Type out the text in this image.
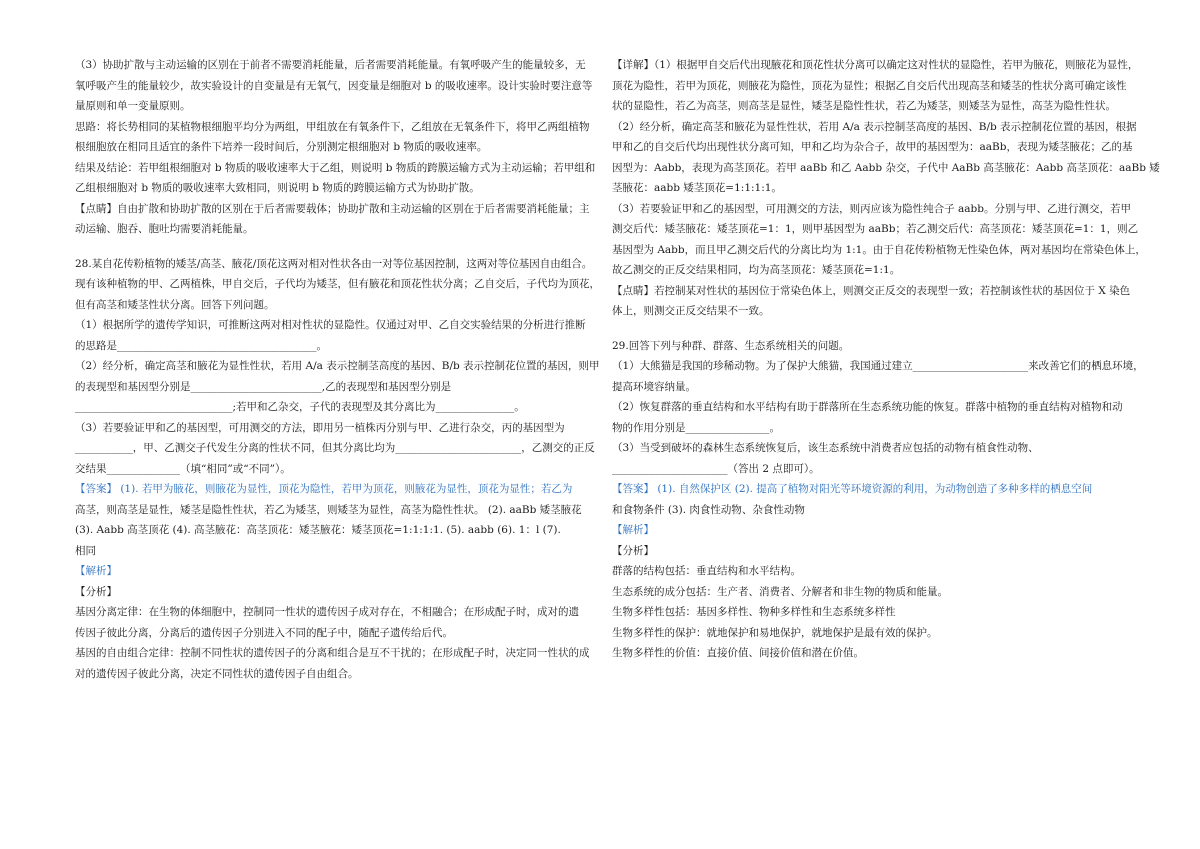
（3）协助扩散与主动运输的区别在于前者不需要消耗能量，后者需要消耗能量。有氧呼吸产生的能量较多，无

氧呼吸产生的能量较少，故实验设计的自变量是有无氧气，因变量是细胞对 b 的吸收速率。设计实验时要注意等

量原则和单一变量原则。

思路：将长势相同的某植物根细胞平均分为两组，甲组放在有氧条件下，乙组放在无氧条件下，将甲乙两组植物

根细胞放在相同且适宜的条件下培养一段时间后，分别测定根细胞对 b 物质的吸收速率。

结果及结论：若甲组根细胞对 b 物质的吸收速率大于乙组，则说明 b 物质的跨膜运输方式为主动运输；若甲组和

乙组根细胞对 b 物质的吸收速率大致相同，则说明 b 物质的跨膜运输方式为协助扩散。

【点睛】自由扩散和协助扩散的区别在于后者需要载体；协助扩散和主动运输的区别在于后者需要消耗能量；主

动运输、胞吞、胞吐均需要消耗能量。

28.某自花传粉植物的矮茎/高茎、腋花/顶花这两对相对性状各由一对等位基因控制，这两对等位基因自由组合。

现有该种植物的甲、乙两植株，甲自交后，子代均为矮茎，但有腋花和顶花性状分离；乙自交后，子代均为顶花，

但有高茎和矮茎性状分离。回答下列问题。

（1）根据所学的遗传学知识，可推断这两对相对性状的显隐性。仅通过对甲、乙自交实验结果的分析进行推断

的思路是______________________________________。

（2）经分析，确定高茎和腋花为显性性状，若用 A/a 表示控制茎高度的基因、B/b 表示控制花位置的基因，则甲

的表现型和基因型分别是_________________________,乙的表现型和基因型分别是

______________________________;若甲和乙杂交，子代的表现型及其分离比为_______________。

（3）若要验证甲和乙的基因型，可用测交的方法，即用另一植株丙分别与甲、乙进行杂交，丙的基因型为

___________，甲、乙测交子代发生分离的性状不同，但其分离比均为________________________，乙测交的正反

交结果______________（填“相同”或“不同”）。

【答案】 (1). 若甲为腋花，则腋花为显性，顶花为隐性，若甲为顶花，则腋花为显性，顶花为显性；若乙为

高茎，则高茎是显性，矮茎是隐性性状，若乙为矮茎，则矮茎为显性，高茎为隐性性状。 (2). aaBb 矮茎腋花

(3). Aabb 高茎顶花 (4). 高茎腋花：高茎顶花：矮茎腋花：矮茎顶花=1:1:1:1. (5). aabb (6). 1：l (7).

相同

【解析】

【分析】

基因分离定律：在生物的体细胞中，控制同一性状的遗传因子成对存在，不相融合；在形成配子时，成对的遗

传因子彼此分离，分离后的遗传因子分别进入不同的配子中，随配子遗传给后代。

基因的自由组合定律：控制不同性状的遗传因子的分离和组合是互不干扰的；在形成配子时，决定同一性状的成

对的遗传因子彼此分离，决定不同性状的遗传因子自由组合。

【详解】（1）根据甲自交后代出现腋花和顶花性状分离可以确定这对性状的显隐性，若甲为腋花，则腋花为显性，

顶花为隐性，若甲为顶花，则腋花为隐性，顶花为显性；根据乙自交后代出现高茎和矮茎的性状分离可确定该性

状的显隐性，若乙为高茎，则高茎是显性，矮茎是隐性性状，若乙为矮茎，则矮茎为显性，高茎为隐性性状。

（2）经分析，确定高茎和腋花为显性性状，若用 A/a 表示控制茎高度的基因、B/b 表示控制花位置的基因，根据

甲和乙的自交后代均出现性状分离可知，甲和乙均为杂合子，故甲的基因型为：aaBb，表现为矮茎腋花；乙的基

因型为：Aabb，表现为高茎顶花。若甲 aaBb 和乙 Aabb 杂交，子代中 AaBb 高茎腋花：Aabb 高茎顶花：aaBb 矮

茎腋花：aabb 矮茎顶花=1:1:1:1。

（3）若要验证甲和乙的基因型，可用测交的方法，则丙应该为隐性纯合子 aabb。分别与甲、乙进行测交，若甲

测交后代：矮茎腋花：矮茎顶花=1：1，则甲基因型为 aaBb；若乙测交后代：高茎顶花：矮茎顶花=1：1，则乙

基因型为 Aabb，而且甲乙测交后代的分离比均为 1:1。由于自花传粉植物无性染色体，两对基因均在常染色体上，

故乙测交的正反交结果相同，均为高茎顶花：矮茎顶花=1:1。

【点睛】若控制某对性状的基因位于常染色体上，则测交正反交的表现型一致；若控制该性状的基因位于 X 染色

体上，则测交正反交结果不一致。

29.回答下列与种群、群落、生态系统相关的问题。

（1）大熊猫是我国的珍稀动物。为了保护大熊猫，我国通过建立______________________来改善它们的栖息环境，

提高环境容纳量。

（2）恢复群落的垂直结构和水平结构有助于群落所在生态系统功能的恢复。群落中植物的垂直结构对植物和动

物的作用分别是________________。

（3）当受到破坏的森林生态系统恢复后，该生态系统中消费者应包括的动物有植食性动物、

______________________（答出 2 点即可）。

【答案】 (1). 自然保护区 (2). 提高了植物对阳光等环境资源的利用，为动物创造了多种多样的栖息空间

和食物条件 (3). 肉食性动物、杂食性动物

【解析】

【分析】

群落的结构包括：垂直结构和水平结构。

生态系统的成分包括：生产者、消费者、分解者和非生物的物质和能量。

生物多样性包括：基因多样性、物种多样性和生态系统多样性

生物多样性的保护：就地保护和易地保护，就地保护是最有效的保护。

生物多样性的价值：直接价值、间接价值和潜在价值。
